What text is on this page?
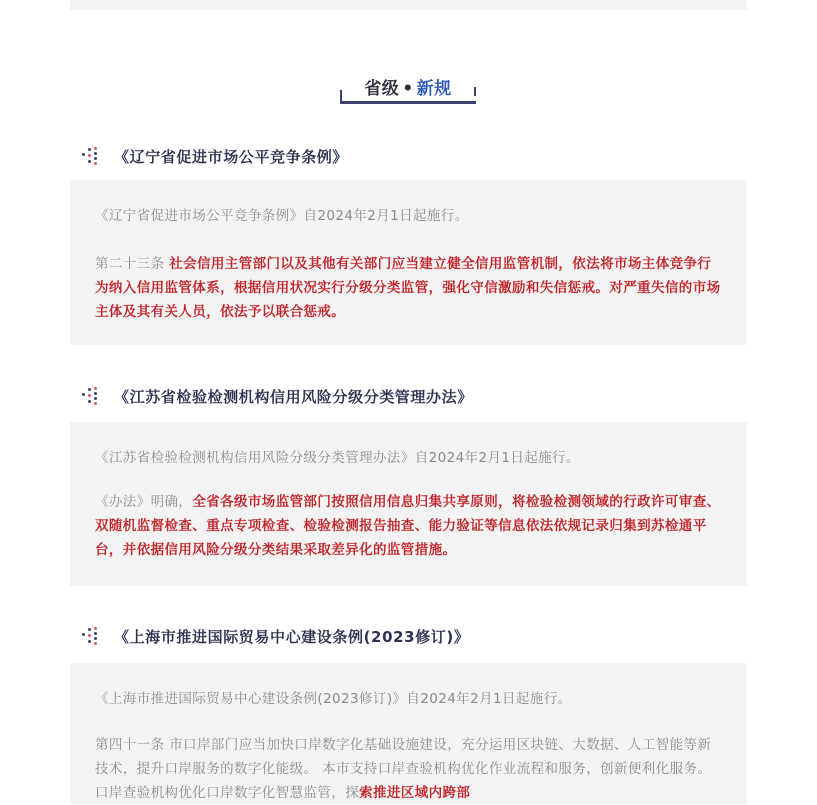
省级 • 新规
《辽宁省促进市场公平竞争条例》

《辽宁省促进市场公平竞争条例》自2024年2月1日起施行。

第二十三条 社会信用主管部门以及其他有关部门应当建立健全信用监管机制，依法将市场主体竞争行为纳入信用监管体系，根据信用状况实行分级分类监管，强化守信激励和失信惩戒。对严重失信的市场主体及其有关人员，依法予以联合惩戒。

《江苏省检验检测机构信用风险分级分类管理办法》

《江苏省检验检测机构信用风险分级分类管理办法》自2024年2月1日起施行。

《办法》明确，全省各级市场监管部门按照信用信息归集共享原则，将检验检测领域的行政许可审查、双随机监督检查、重点专项检查、检验检测报告抽查、能力验证等信息依法依规记录归集到苏检通平台，并依据信用风险分级分类结果采取差异化的监管措施。

《上海市推进国际贸易中心建设条例(2023修订)》

《上海市推进国际贸易中心建设条例(2023修订)》自2024年2月1日起施行。

第四十一条 市口岸部门应当加快口岸数字化基础设施建设，充分运用区块链、大数据、人工智能等新技术，提升口岸服务的数字化能级。 本市支持口岸查验机构优化作业流程和服务，创新便利化服务。口岸查验机构优化口岸数字化智慧监管，探索推进区域内跨部
